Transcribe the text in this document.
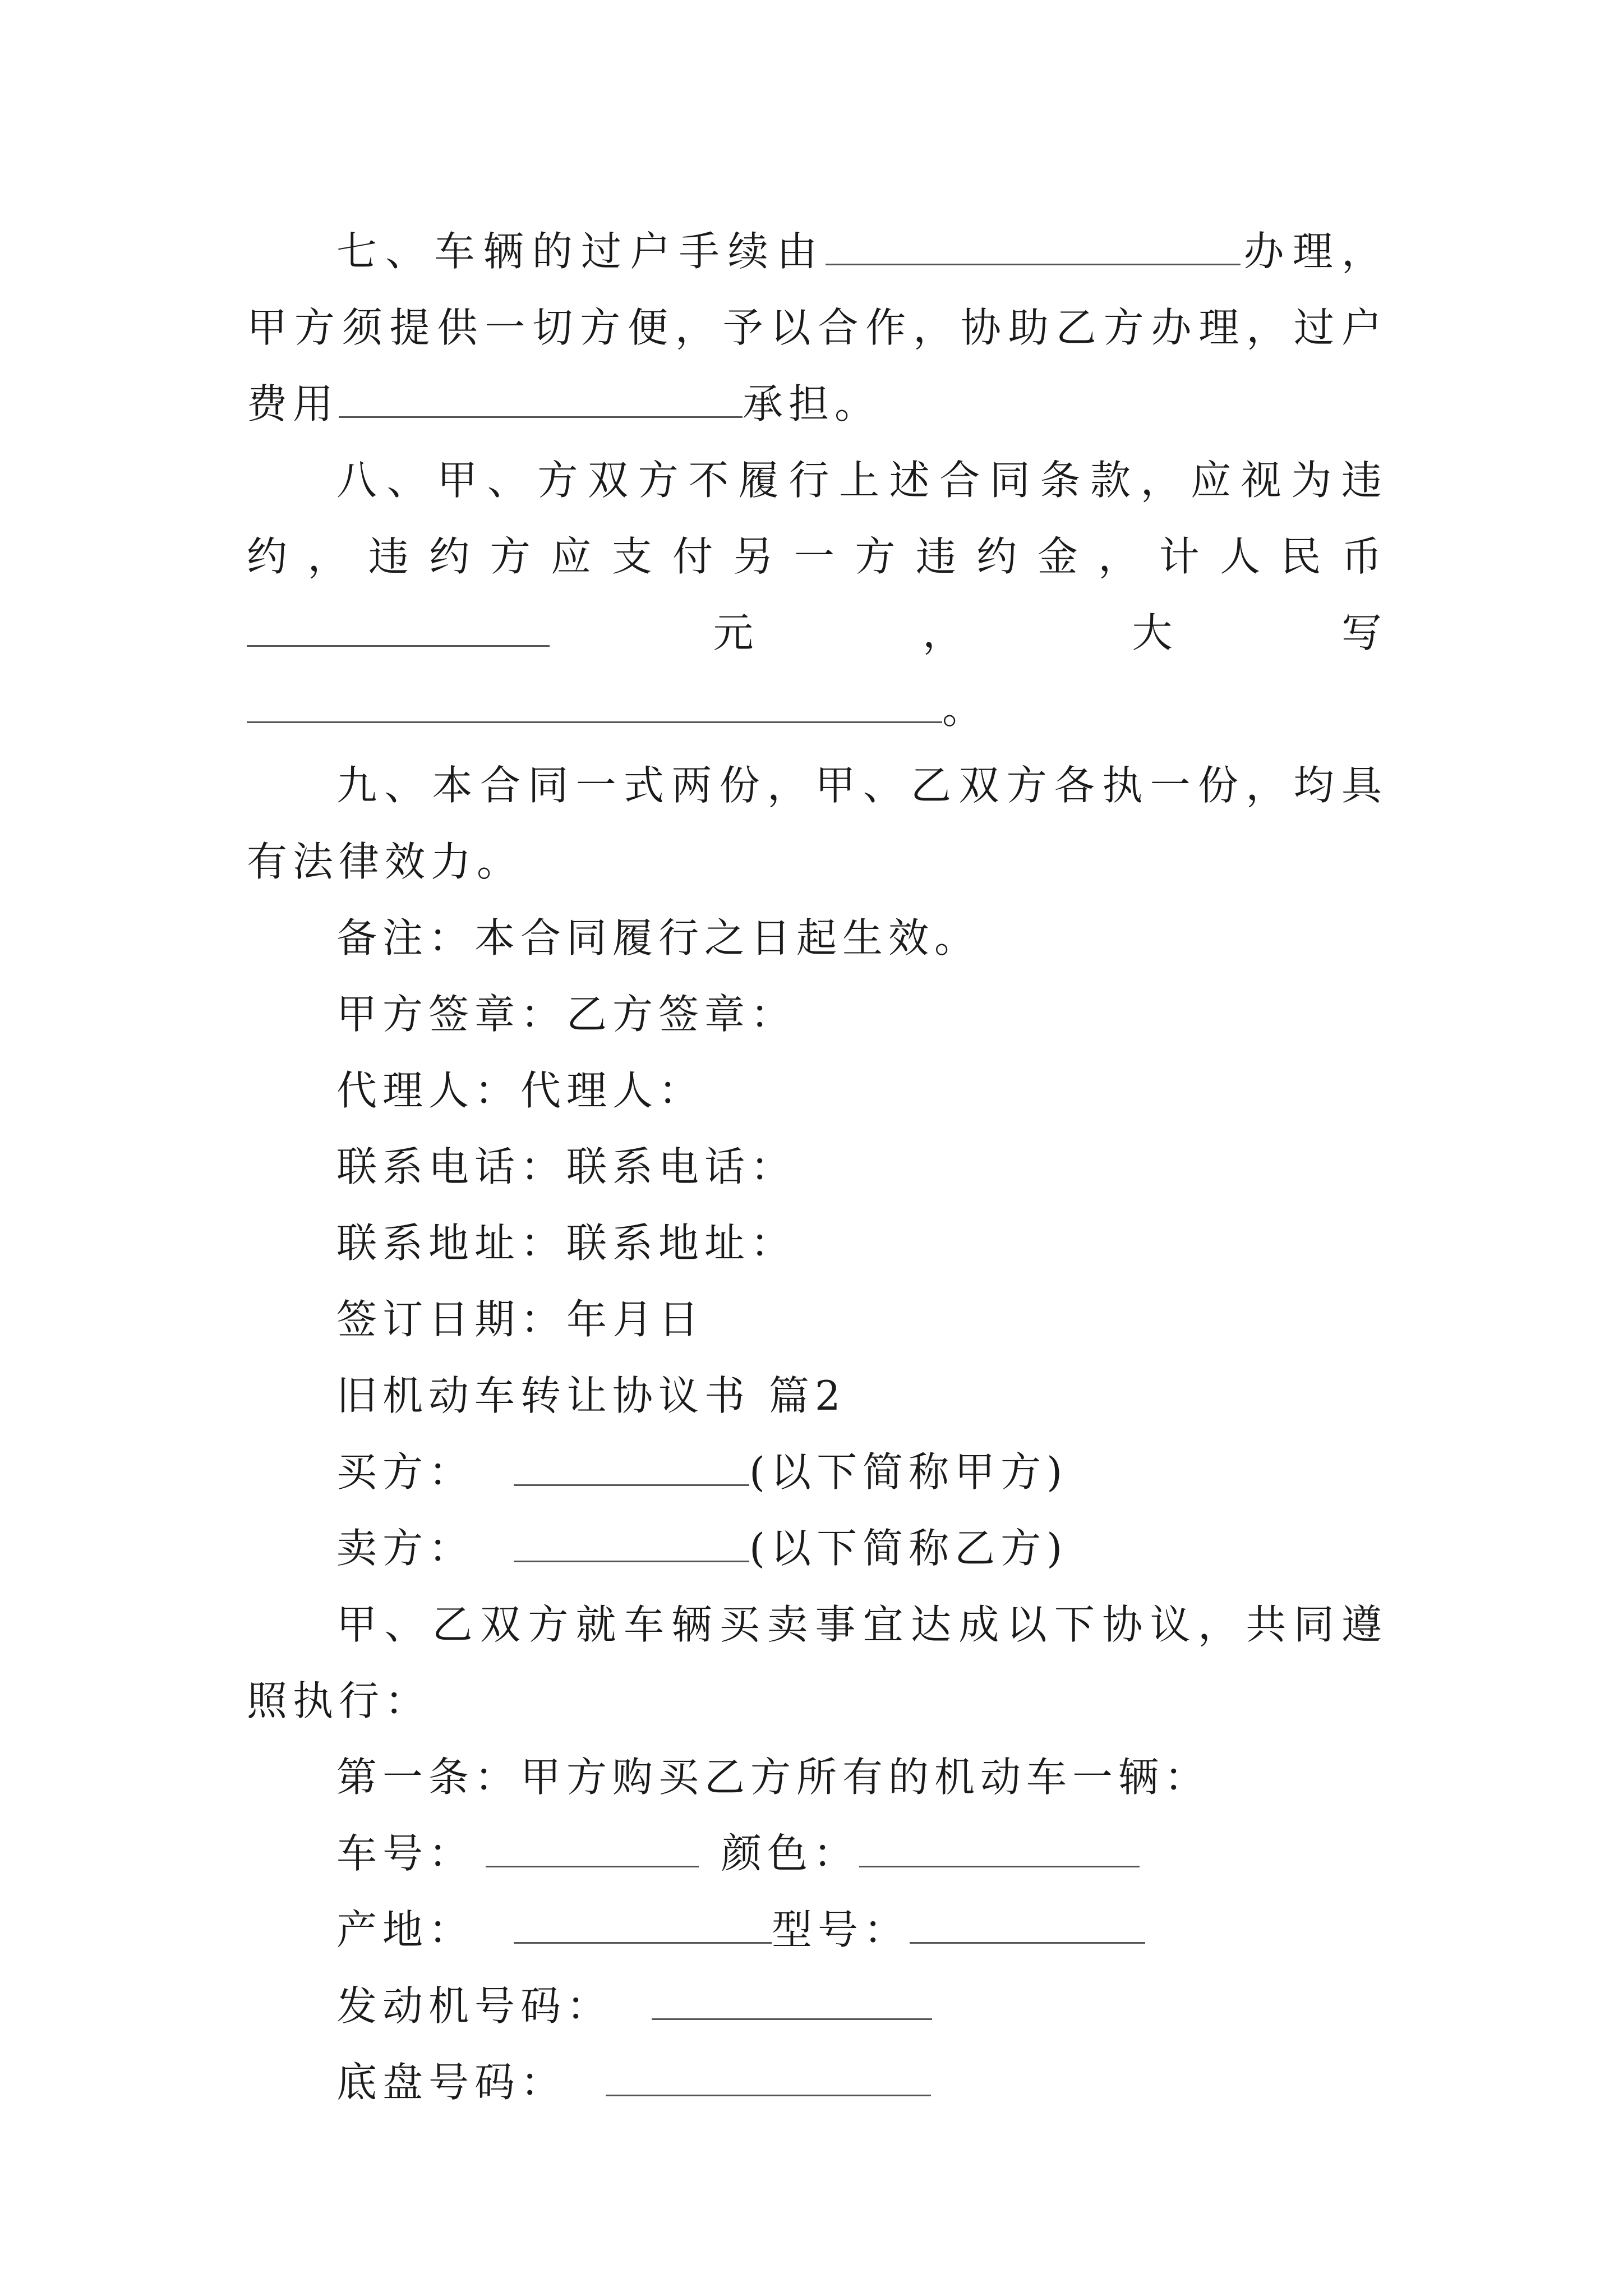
七、车辆的过户手续由	办理，甲方须提供一切方便，予以合作，协助乙方办理，过户费用	承担。

八、甲、方双方不履行上述合同条款，应视为违约，违约方应支付另一方违约金，计人民币元，大写。

九、本合同一式两份，甲、乙双方各执一份，均具有法律效力。

备注：本合同履行之日起生效。

甲方签章：乙方签章：

代理人：代理人：

联系电话：联系电话：

联系地址：联系地址：

签订日期：年月日

旧机动车转让协议书 篇2

买方：	(以下简称甲方)

卖方：	(以下简称乙方)

甲、乙双方就车辆买卖事宜达成以下协议，共同遵照执行：

第一条：甲方购买乙方所有的机动车一辆：

车号：	颜色：

产地：	型号：

发动机号码：

底盘号码：
